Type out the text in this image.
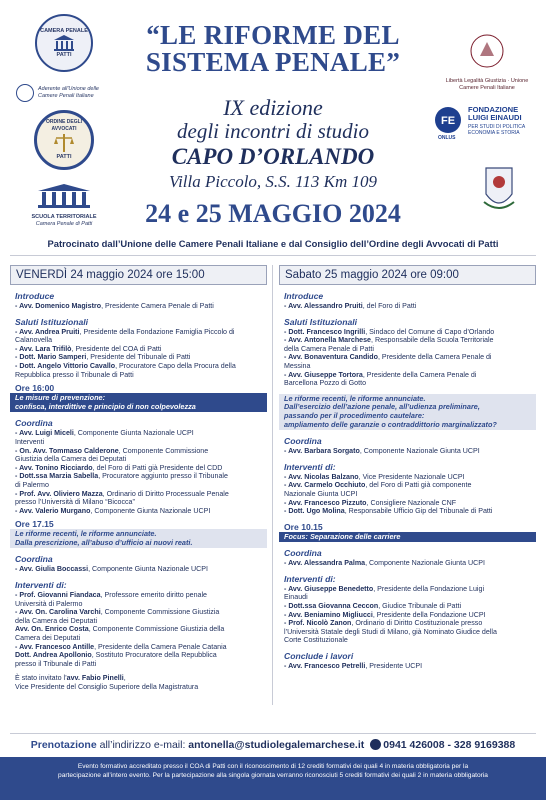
CAMERA PENALE
PATTI
Aderente all'Unione delle Camere Penali Italiane
ORDINE DEGLI AVVOCATI
PATTI
SCUOLA TERRITORIALE
Camera Penale di Patti
Libertà Legalità Giustizia · Unione Camere Penali Italiane
FE
FONDAZIONE
LUIGI EINAUDI
PER STUDI DI POLITICA
ECONOMIA E STORIA
ONLUS
“LE RIFORME DEL
SISTEMA PENALE”
IX edizione
degli incontri di studio
CAPO D’ORLANDO
Villa Piccolo, S.S. 113 Km 109
24 e 25 MAGGIO 2024
Patrocinato dall’Unione delle Camere Penali Italiane e dal Consiglio dell’Ordine degli Avvocati di Patti
VENERDÌ 24 maggio 2024 ore 15:00
Introduce
- Avv. Domenico Magistro, Presidente Camera Penale di Patti
Saluti Istituzionali
- Avv. Andrea Pruiti, Presidente della Fondazione Famiglia Piccolo di
Calanovella
- Avv. Lara Trifilò, Presidente del COA di Patti
- Dott. Mario Samperi, Presidente del Tribunale di Patti
- Dott. Angelo Vittorio Cavallo, Procuratore Capo della Procura della
Repubblica presso il Tribunale di Patti
Ore 16:00
Le misure di prevenzione:
confisca, interdittive e principio di non colpevolezza
Coordina
- Avv. Luigi Miceli, Componente Giunta Nazionale UCPI
Interventi
- On. Avv. Tommaso Calderone, Componente Commissione
Giustizia della Camera dei Deputati
- Avv. Tonino Ricciardo, del Foro di Patti già Presidente del CDD
- Dott.ssa Marzia Sabella, Procuratore aggiunto presso il Tribunale
di Palermo
- Prof. Avv. Oliviero Mazza, Ordinario di Diritto Processuale Penale
presso l’Università di Milano “Bicocca”
- Avv. Valerio Murgano, Componente Giunta Nazionale UCPI
Ore 17.15
Le riforme recenti, le riforme annunciate.
Dalla prescrizione, all’abuso d’ufficio ai nuovi reati.
Coordina
- Avv. Giulia Boccassi, Componente Giunta Nazionale UCPI
Interventi di:
- Prof. Giovanni Fiandaca, Professore emerito diritto penale
Università di Palermo
- Avv. On. Carolina Varchi, Componente Commissione Giustizia
della Camera dei Deputati
Avv. On. Enrico Costa, Componente Commissione Giustizia della
Camera dei Deputati
- Avv. Francesco Antille, Presidente della Camera Penale Catania
Dott. Andrea Apollonio, Sostituto Procuratore della Repubblica
presso il Tribunale di Patti
È stato invitato l’avv. Fabio Pinelli,
Vice Presidente del Consiglio Superiore della Magistratura
Sabato 25 maggio 2024 ore 09:00
Introduce
- Avv. Alessandro Pruiti, del Foro di Patti
Saluti Istituzionali
- Dott. Francesco Ingrilli, Sindaco del Comune di Capo d’Orlando
- Avv. Antonella Marchese, Responsabile della Scuola Territoriale
della Camera Penale di Patti
- Avv. Bonaventura Candido, Presidente della Camera Penale di
Messina
- Avv. Giuseppe Tortora, Presidente della Camera Penale di
Barcellona Pozzo di Gotto
Le riforme recenti, le riforme annunciate.
Dall’esercizio dell’azione penale, all’udienza preliminare,
passando per il procedimento cautelare:
ampliamento delle garanzie o contraddittorio marginalizzato?
Coordina
- Avv. Barbara Sorgato, Componente Nazionale Giunta UCPI
Interventi di:
- Avv. Nicolas Balzano, Vice Presidente Nazionale UCPI
- Avv. Carmelo Occhiuto, del Foro di Patti già componente
Nazionale Giunta UCPI
- Avv. Francesco Pizzuto, Consigliere Nazionale CNF
- Dott. Ugo Molina, Responsabile Ufficio Gip del Tribunale di Patti
Ore 10.15
Focus: Separazione delle carriere
Coordina
- Avv. Alessandra Palma, Componente Nazionale Giunta UCPI
Interventi di:
- Avv. Giuseppe Benedetto, Presidente della Fondazione Luigi
Einaudi
- Dott.ssa Giovanna Ceccon, Giudice Tribunale di Patti
- Avv. Beniamino Migliucci, Presidente della Fondazione UCPI
- Prof. Nicolò Zanon, Ordinario di Diritto Costituzionale presso
l’Università Statale degli Studi di Milano, già Nominato Giudice della
Corte Costituzionale
Conclude i lavori
- Avv. Francesco Petrelli, Presidente UCPI
Prenotazione all’indirizzo e-mail: antonella@studiolegalemarchese.it 0941 426008 - 328 9169388
Evento formativo accreditato presso il COA di Patti con il riconoscimento di 12 crediti formativi dei quali 4 in materia obbligatoria per la
partecipazione all’intero evento. Per la partecipazione alla singola giornata verranno riconosciuti 5 crediti formativi dei quali 2 in materia obbligatoria
